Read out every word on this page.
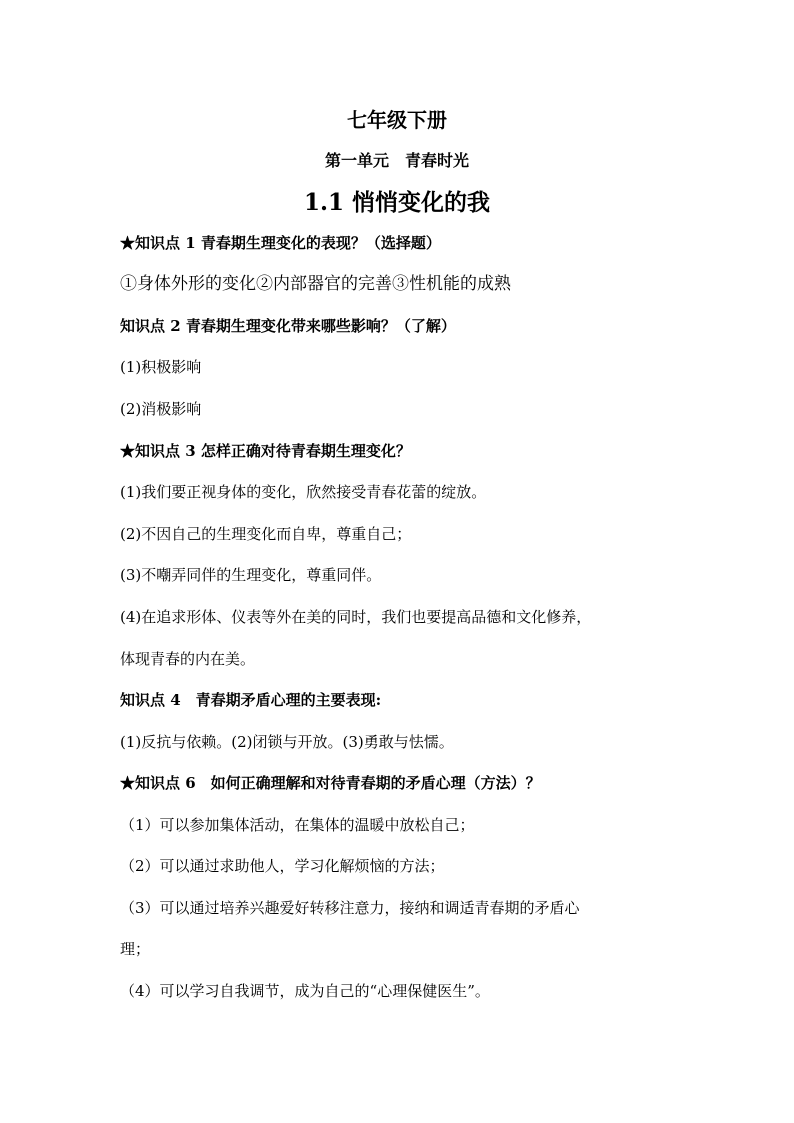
七年级下册
第一单元　青春时光
1.1 悄悄变化的我
★知识点 1 青春期生理变化的表现？（选择题）
①身体外形的变化②内部器官的完善③性机能的成熟
知识点 2 青春期生理变化带来哪些影响？（了解）
(1)积极影响
(2)消极影响
★知识点 3 怎样正确对待青春期生理变化？
(1)我们要正视身体的变化，欣然接受青春花蕾的绽放。
(2)不因自己的生理变化而自卑，尊重自己；
(3)不嘲弄同伴的生理变化，尊重同伴。
(4)在追求形体、仪表等外在美的同时，我们也要提高品德和文化修养，
体现青春的内在美。
知识点 4　青春期矛盾心理的主要表现:
(1)反抗与依赖。(2)闭锁与开放。(3)勇敢与怯懦。
★知识点 6　如何正确理解和对待青春期的矛盾心理（方法）？
（1）可以参加集体活动，在集体的温暖中放松自己；
（2）可以通过求助他人，学习化解烦恼的方法；
（3）可以通过培养兴趣爱好转移注意力，接纳和调适青春期的矛盾心
理；
（4）可以学习自我调节，成为自己的“心理保健医生”。
